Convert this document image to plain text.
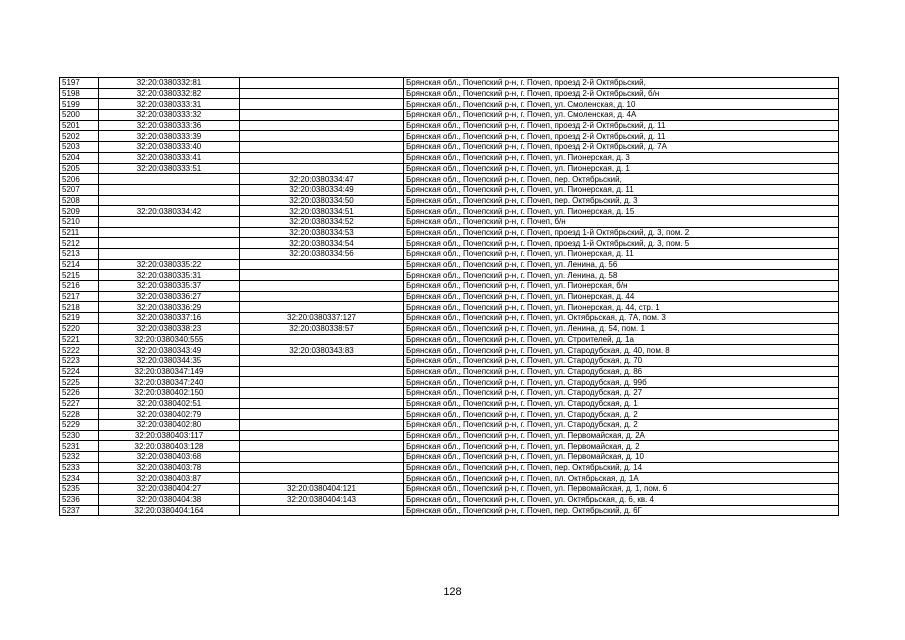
5197	32:20:0380332:81		Брянская обл., Почепский р-н, г. Почеп, проезд 2-й Октябрьский,
5198	32:20:0380332:82		Брянская обл., Почепский р-н, г. Почеп, проезд 2-й Октябрьский, б/н
5199	32:20:0380333:31		Брянская обл., Почепский р-н, г. Почеп, ул. Смоленская, д. 10
5200	32:20:0380333:32		Брянская обл., Почепский р-н, г. Почеп, ул. Смоленская, д. 4А
5201	32:20:0380333:36		Брянская обл., Почепский р-н, г. Почеп, проезд 2-й Октябрьский, д. 11
5202	32:20:0380333:39		Брянская обл., Почепский р-н, г. Почеп, проезд 2-й Октябрьский, д. 11
5203	32:20:0380333:40		Брянская обл., Почепский р-н, г. Почеп, проезд 2-й Октябрьский, д. 7А
5204	32:20:0380333:41		Брянская обл., Почепский р-н, г. Почеп, ул. Пионерская, д. 3
5205	32:20:0380333:51		Брянская обл., Почепский р-н, г. Почеп, ул. Пионерская, д. 1
5206		32:20:0380334:47	Брянская обл., Почепский р-н, г. Почеп, пер. Октябрьский,
5207		32:20:0380334:49	Брянская обл., Почепский р-н, г. Почеп, ул. Пионерская, д. 11
5208		32:20:0380334:50	Брянская обл., Почепский р-н, г. Почеп, пер. Октябрьский, д. 3
5209	32:20:0380334:42	32:20:0380334:51	Брянская обл., Почепский р-н, г. Почеп, ул. Пионерская, д. 15
5210		32:20:0380334:52	Брянская обл., Почепский р-н, г. Почеп, б/н
5211		32:20:0380334:53	Брянская обл., Почепский р-н, г. Почеп, проезд 1-й Октябрьский, д. 3, пом. 2
5212		32:20:0380334:54	Брянская обл., Почепский р-н, г. Почеп, проезд 1-й Октябрьский, д. 3, пом. 5
5213		32:20:0380334:56	Брянская обл., Почепский р-н, г. Почеп, ул. Пионерская, д. 11
5214	32:20:0380335:22		Брянская обл., Почепский р-н, г. Почеп, ул. Ленина, д. 56
5215	32:20:0380335:31		Брянская обл., Почепский р-н, г. Почеп, ул. Ленина, д. 58
5216	32:20:0380335:37		Брянская обл., Почепский р-н, г. Почеп, ул. Пионерская, б/н
5217	32:20:0380336:27		Брянская обл., Почепский р-н, г. Почеп, ул. Пионерская, д. 44
5218	32:20:0380336:29		Брянская обл., Почепский р-н, г. Почеп, ул. Пионерская, д. 44, стр. 1
5219	32:20:0380337:16	32:20:0380337:127	Брянская обл., Почепский р-н, г. Почеп, ул. Октябрьская, д. 7А, пом. 3
5220	32:20:0380338:23	32:20:0380338:57	Брянская обл., Почепский р-н, г. Почеп, ул. Ленина, д. 54, пом. 1
5221	32:20:0380340:555		Брянская обл., Почепский р-н, г. Почеп, ул. Строителей, д. 1а
5222	32:20:0380343:49	32:20:0380343:83	Брянская обл., Почепский р-н, г. Почеп, ул. Стародубская, д. 40, пом. 8
5223	32:20:0380344:35		Брянская обл., Почепский р-н, г. Почеп, ул. Стародубская, д. 70
5224	32:20:0380347:149		Брянская обл., Почепский р-н, г. Почеп, ул. Стародубская, д. 86
5225	32:20:0380347:240		Брянская обл., Почепский р-н, г. Почеп, ул. Стародубская, д. 99б
5226	32:20:0380402:150		Брянская обл., Почепский р-н, г. Почеп, ул. Стародубская, д. 27
5227	32:20:0380402:51		Брянская обл., Почепский р-н, г. Почеп, ул. Стародубская, д. 1
5228	32:20:0380402:79		Брянская обл., Почепский р-н, г. Почеп, ул. Стародубская, д. 2
5229	32:20:0380402:80		Брянская обл., Почепский р-н, г. Почеп, ул. Стародубская, д. 2
5230	32:20:0380403:117		Брянская обл., Почепский р-н, г. Почеп, ул. Первомайская, д. 2А
5231	32:20:0380403:128		Брянская обл., Почепский р-н, г. Почеп, ул. Первомайская, д. 2
5232	32:20:0380403:68		Брянская обл., Почепский р-н, г. Почеп, ул. Первомайская, д. 10
5233	32:20:0380403:78		Брянская обл., Почепский р-н, г. Почеп, пер. Октябрьский, д. 14
5234	32:20:0380403:87		Брянская обл., Почепский р-н, г. Почеп, пл. Октябрьская, д. 1А
5235	32:20:0380404:27	32:20:0380404:121	Брянская обл., Почепский р-н, г. Почеп, ул. Первомайская, д. 1, пом. 6
5236	32:20:0380404:38	32:20:0380404:143	Брянская обл., Почепский р-н, г. Почеп, ул. Октябрьская, д. 6, кв. 4
5237	32:20:0380404:164		Брянская обл., Почепский р-н, г. Почеп, пер. Октябрьский, д. 6Г
128
